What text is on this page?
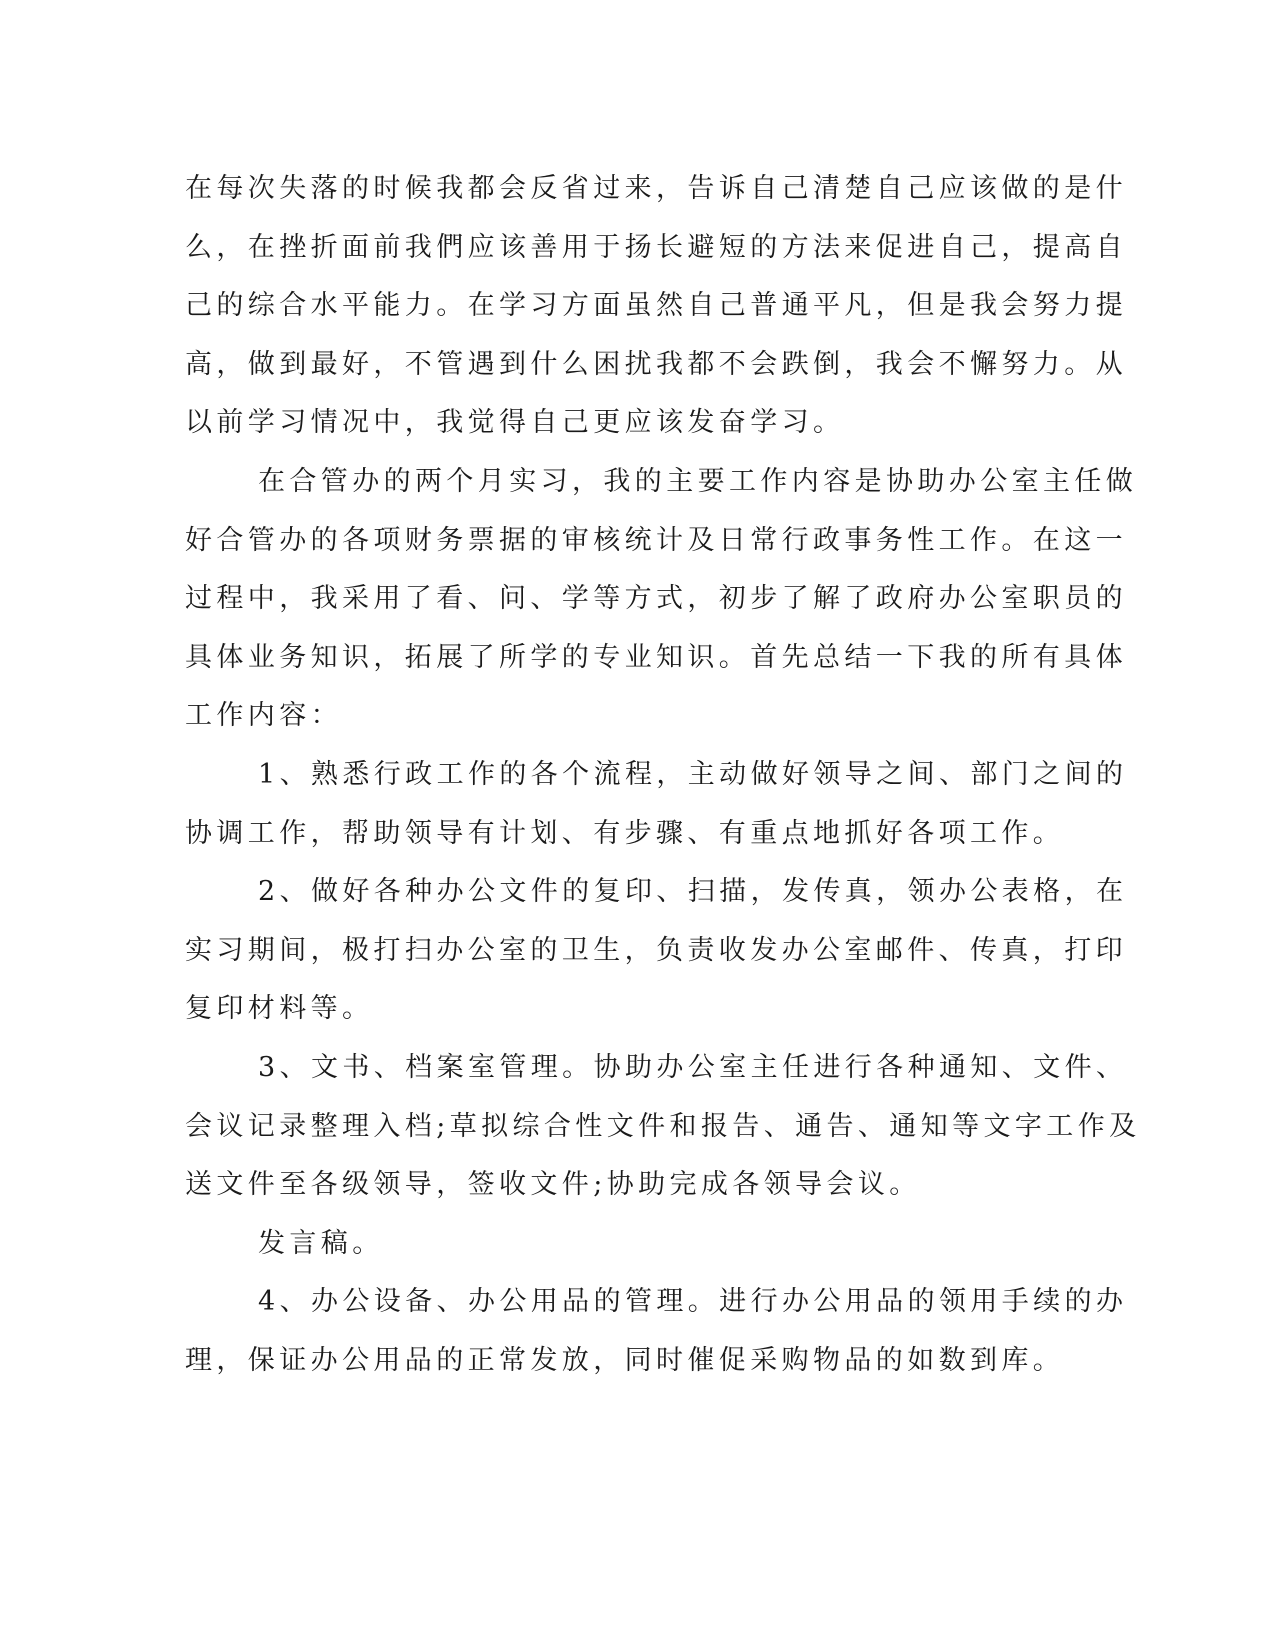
在每次失落的时候我都会反省过来，告诉自己清楚自己应该做的是什
么，在挫折面前我們应该善用于扬长避短的方法来促进自己，提高自
己的综合水平能力。在学习方面虽然自己普通平凡，但是我会努力提
高，做到最好，不管遇到什么困扰我都不会跌倒，我会不懈努力。从
以前学习情况中，我觉得自己更应该发奋学习。
在合管办的两个月实习，我的主要工作内容是协助办公室主任做
好合管办的各项财务票据的审核统计及日常行政事务性工作。在这一
过程中，我采用了看、问、学等方式，初步了解了政府办公室职员的
具体业务知识，拓展了所学的专业知识。首先总结一下我的所有具体
工作内容：
1、熟悉行政工作的各个流程，主动做好领导之间、部门之间的
协调工作，帮助领导有计划、有步骤、有重点地抓好各项工作。
2、做好各种办公文件的复印、扫描，发传真，领办公表格，在
实习期间，极打扫办公室的卫生，负责收发办公室邮件、传真，打印
复印材料等。
3、文书、档案室管理。协助办公室主任进行各种通知、文件、
会议记录整理入档;草拟综合性文件和报告、通告、通知等文字工作及
送文件至各级领导，签收文件;协助完成各领导会议。
发言稿。
4、办公设备、办公用品的管理。进行办公用品的领用手续的办
理，保证办公用品的正常发放，同时催促采购物品的如数到库。
